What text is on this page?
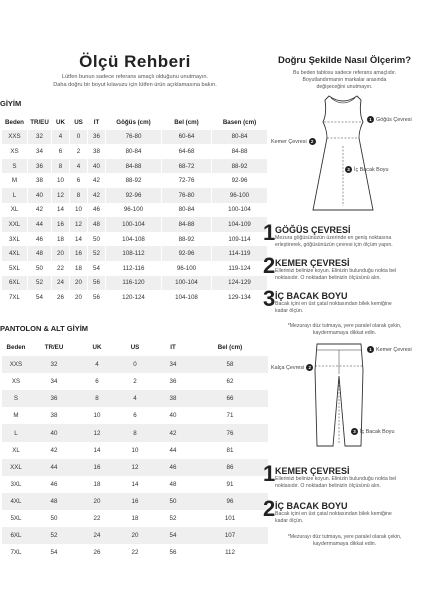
Ölçü Rehberi
Lütfen bunun sadece referans amaçlı olduğunu unutmayın.
Daha doğru bir boyut kılavuzu için lütfen ürün açıklamasına bakın.
GİYİM
Beden	TR/EU	UK	US	IT	Göğüs (cm)	Bel (cm)	Basen (cm)
XXS	32	4	0	36	76-80	60-64	80-84
XS	34	6	2	38	80-84	64-68	84-88
S	36	8	4	40	84-88	68-72	88-92
M	38	10	6	42	88-92	72-76	92-96
L	40	12	8	42	92-96	76-80	96-100
XL	42	14	10	46	96-100	80-84	100-104
XXL	44	16	12	48	100-104	84-88	104-109
3XL	46	18	14	50	104-108	88-92	109-114
4XL	48	20	16	52	108-112	92-96	114-119
5XL	50	22	18	54	112-116	96-100	119-124
6XL	52	24	20	56	116-120	100-104	124-129
7XL	54	26	20	56	120-124	104-108	129-134
PANTOLON & ALT GİYİM
Beden	TR/EU	UK	US	IT	Bel (cm)
XXS	32	4	0	34	58
XS	34	6	2	36	62
S	36	8	4	38	66
M	38	10	6	40	71
L	40	12	8	42	76
XL	42	14	10	44	81
XXL	44	16	12	46	86
3XL	46	18	14	48	91
4XL	48	20	16	50	96
5XL	50	22	18	52	101
6XL	52	24	20	54	107
7XL	54	26	22	56	112
Doğru Şekilde Nasıl Ölçerim?
Bu beden tablosu sadece referans amaçlıdır.
Boyutlandırmanın markalar arasında
değişeceğini unutmayın.
1 Göğüs Çevresi
Kemer Çevresi 2
3 İç Bacak Boyu
1 GÖĞÜS ÇEVRESİ
Mezura göğüsünüzün üzerinde en geniş noktasına
erleştirerek, göğüsünüzün çevresi için ölçüm yapın.
2 KEMER ÇEVRESİ
Ellerinizi belinize koyun. Elinizin bulunduğu nokta bel
noktasıdır. O noktadan belinizin ölçüsünü alın.
3 İÇ BACAK BOYU
Bacak içini en üst çatal noktasından bilek kemiğine
kadar ölçün.
*Mezurayı düz tutmaya, yere paralel olarak çekin,
kaydermamaya dikkat edin.
1 Kemer Çevresi
Kalça Çevresi 2
3 İç Bacak Boyu
1 KEMER ÇEVRESİ
Ellerinizi belinize koyun. Elinizin bulunduğu nokta bel
noktasıdır. O noktadan belinizin ölçüsünü alın.
2 İÇ BACAK BOYU
Bacak içini en üst çatal noktasından bilek kemiğine
kadar ölçün.
*Mezurayı düz tutmaya, yere paralel olarak çekin,
kaydermamaya dikkat edin.
